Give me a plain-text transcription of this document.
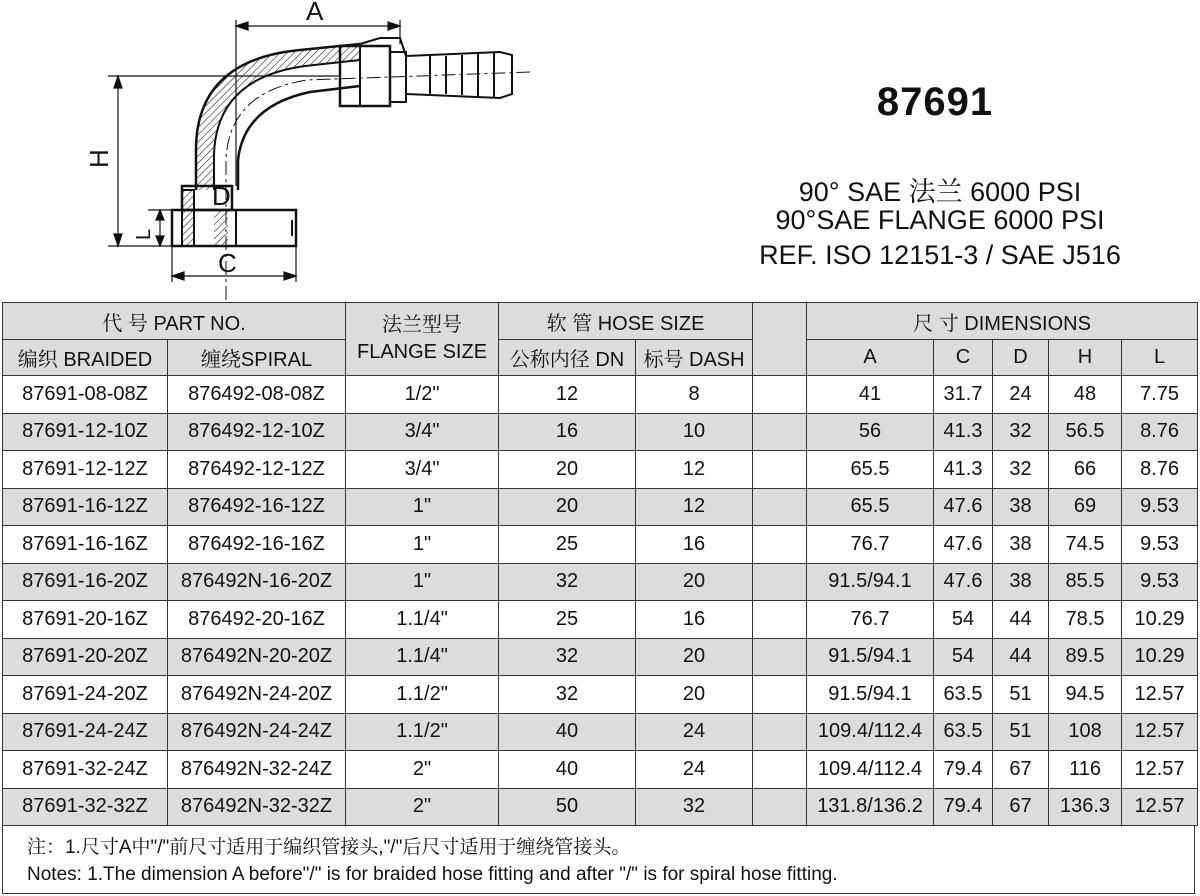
A
H
D
L
C
87691
90° SAE 法兰 6000 PSI
90°SAE FLANGE 6000 PSI
REF. ISO 12151-3 / SAE J516
代 号 PART NO.		法兰型号 FLANGE SIZE	软 管 HOSE SIZE			尺 寸 DIMENSIONS				
编织 BRAIDED	缠绕SPIRAL		公称内径 DN	标号 DASH		A	C	D	H	L
87691-08-08Z	876492-08-08Z	1/2"	12	8		41	31.7	24	48	7.75
87691-12-10Z	876492-12-10Z	3/4"	16	10		56	41.3	32	56.5	8.76
87691-12-12Z	876492-12-12Z	3/4"	20	12		65.5	41.3	32	66	8.76
87691-16-12Z	876492-16-12Z	1"	20	12		65.5	47.6	38	69	9.53
87691-16-16Z	876492-16-16Z	1"	25	16		76.7	47.6	38	74.5	9.53
87691-16-20Z	876492N-16-20Z	1"	32	20		91.5/94.1	47.6	38	85.5	9.53
87691-20-16Z	876492-20-16Z	1.1/4"	25	16		76.7	54	44	78.5	10.29
87691-20-20Z	876492N-20-20Z	1.1/4"	32	20		91.5/94.1	54	44	89.5	10.29
87691-24-20Z	876492N-24-20Z	1.1/2"	32	20		91.5/94.1	63.5	51	94.5	12.57
87691-24-24Z	876492N-24-24Z	1.1/2"	40	24		109.4/112.4	63.5	51	108	12.57
87691-32-24Z	876492N-32-24Z	2"	40	24		109.4/112.4	79.4	67	116	12.57
87691-32-32Z	876492N-32-32Z	2"	50	32		131.8/136.2	79.4	67	136.3	12.57
注：1.尺寸A中"/"前尺寸适用于编织管接头,"/"后尺寸适用于缠绕管接头。
Notes: 1.The dimension A before"/" is for braided hose fitting and after "/" is for spiral hose fitting.
